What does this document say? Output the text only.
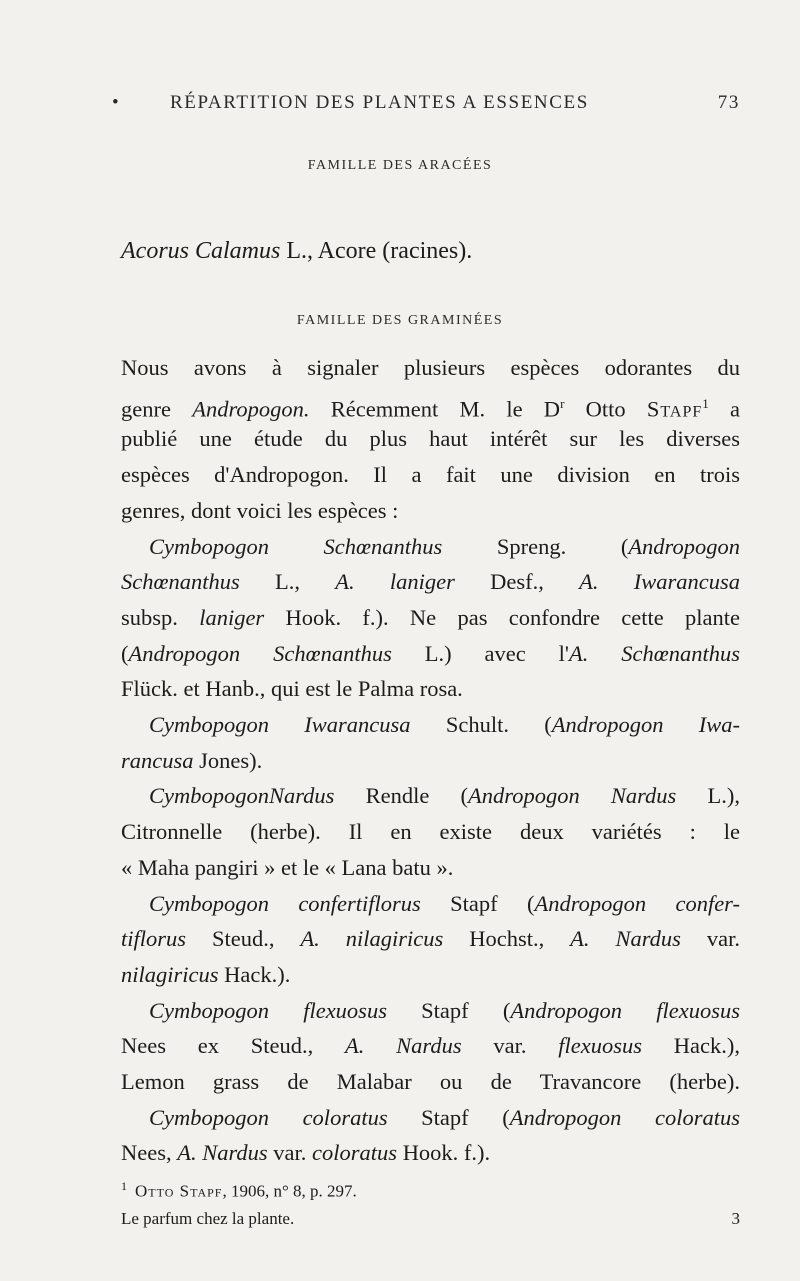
•	RÉPARTITION DES PLANTES A ESSENCES	73
FAMILLE DES ARACÉES
Acorus Calamus L., Acore (racines).
FAMILLE DES GRAMINÉES
Nous avons à signaler plusieurs espèces odorantes du
genre Andropogon. Récemment M. le $D^r$ Otto Stapf$^1$ a
publié une étude du plus haut intérêt sur les diverses
espèces d'Andropogon. Il a fait une division en trois
genres, dont voici les espèces :
Cymbopogon Schœnanthus Spreng. (Andropogon
Schœnanthus L., A. laniger Desf., A. Iwarancusa
subsp. laniger Hook. f.). Ne pas confondre cette plante
(Andropogon Schœnanthus L.) avec l'A. Schœnanthus
Flück. et Hanb., qui est le Palma rosa.
Cymbopogon Iwarancusa Schult. (Andropogon Iwa-
rancusa Jones).
CymbopogonNardus Rendle (Andropogon Nardus L.),
Citronnelle (herbe). Il en existe deux variétés : le
« Maha pangiri » et le « Lana batu ».
Cymbopogon confertiflorus Stapf (Andropogon confer-
tiflorus Steud., A. nilagiricus Hochst., A. Nardus var.
nilagiricus Hack.).
Cymbopogon flexuosus Stapf (Andropogon flexuosus
Nees ex Steud., A. Nardus var. flexuosus Hack.),
Lemon grass de Malabar ou de Travancore (herbe).
Cymbopogon coloratus Stapf (Andropogon coloratus
Nees, A. Nardus var. coloratus Hook. f.).
$^1$ Otto Stapf, 1906, n° 8, p. 297.
Le parfum chez la plante.	3
